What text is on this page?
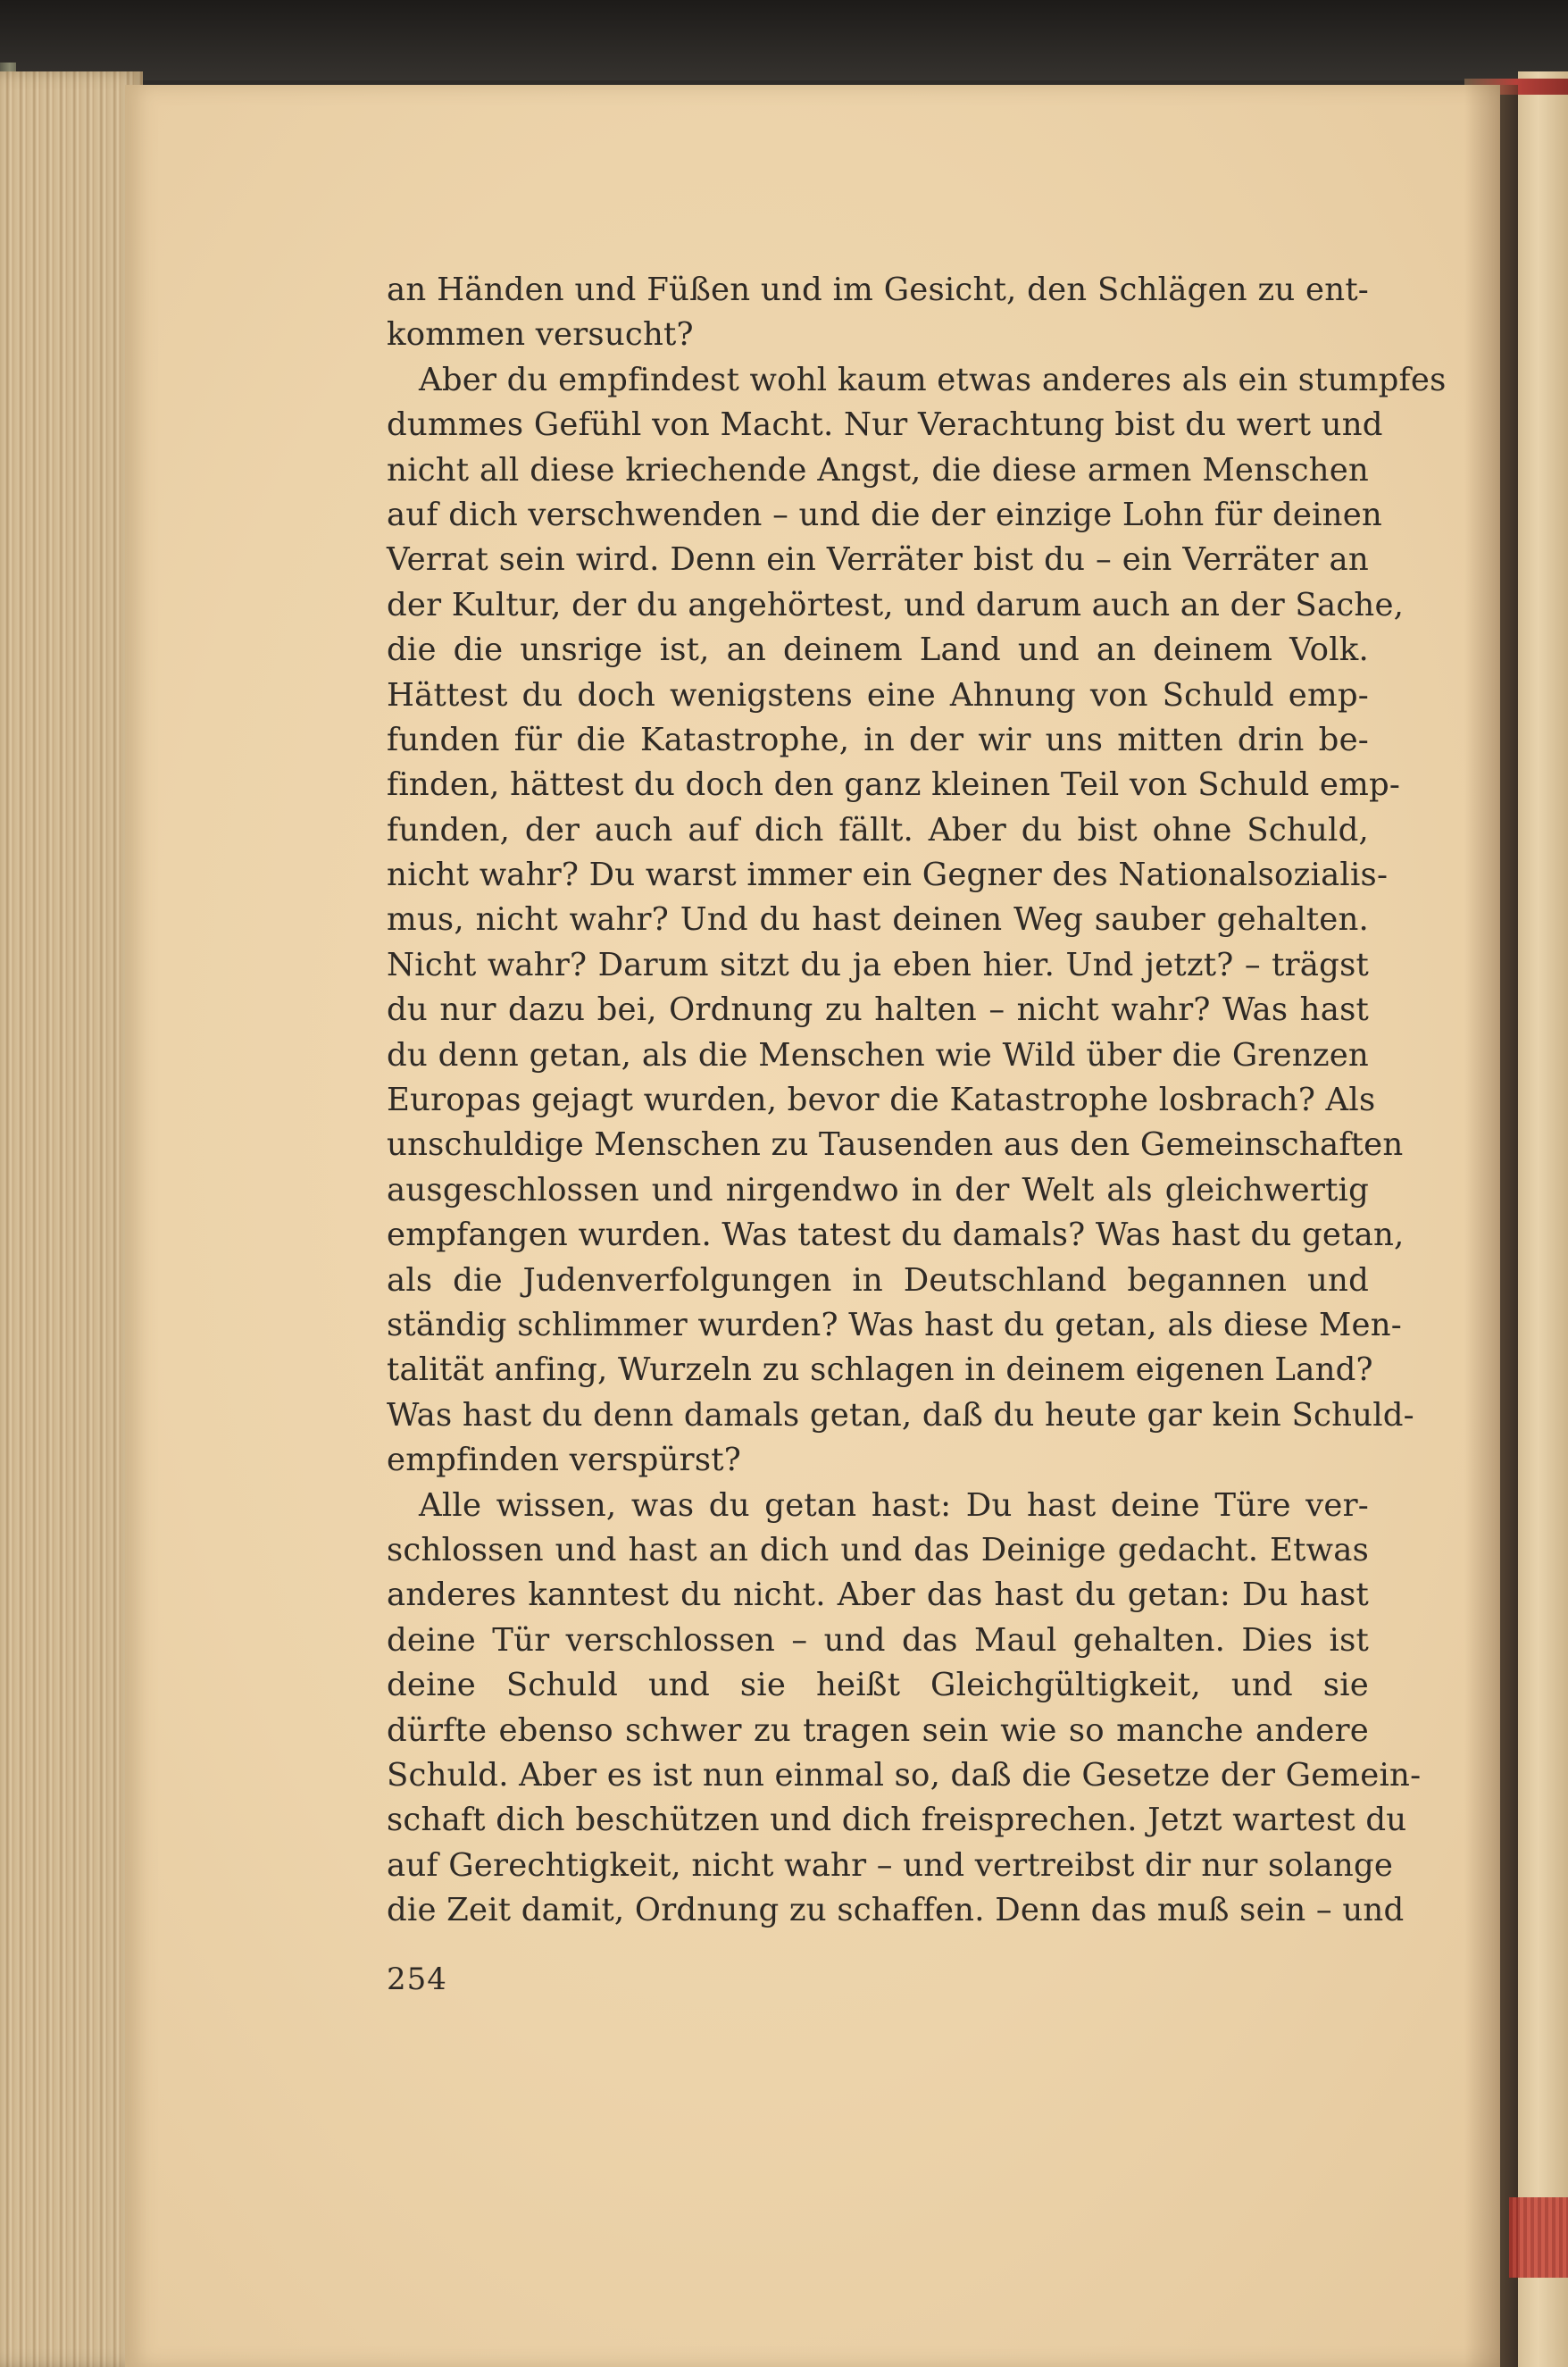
an Händen und Füßen und im Gesicht, den Schlägen zu ent-
kommen versucht?
Aber du empfindest wohl kaum etwas anderes als ein stumpfes
dummes Gefühl von Macht. Nur Verachtung bist du wert und
nicht all diese kriechende Angst, die diese armen Menschen
auf dich verschwenden – und die der einzige Lohn für deinen
Verrat sein wird. Denn ein Verräter bist du – ein Verräter an
der Kultur, der du angehörtest, und darum auch an der Sache,
die die unsrige ist, an deinem Land und an deinem Volk.
Hättest du doch wenigstens eine Ahnung von Schuld emp-
funden für die Katastrophe, in der wir uns mitten drin be-
finden, hättest du doch den ganz kleinen Teil von Schuld emp-
funden, der auch auf dich fällt. Aber du bist ohne Schuld,
nicht wahr? Du warst immer ein Gegner des Nationalsozialis-
mus, nicht wahr? Und du hast deinen Weg sauber gehalten.
Nicht wahr? Darum sitzt du ja eben hier. Und jetzt? – trägst
du nur dazu bei, Ordnung zu halten – nicht wahr? Was hast
du denn getan, als die Menschen wie Wild über die Grenzen
Europas gejagt wurden, bevor die Katastrophe losbrach? Als
unschuldige Menschen zu Tausenden aus den Gemeinschaften
ausgeschlossen und nirgendwo in der Welt als gleichwertig
empfangen wurden. Was tatest du damals? Was hast du getan,
als die Judenverfolgungen in Deutschland begannen und
ständig schlimmer wurden? Was hast du getan, als diese Men-
talität anfing, Wurzeln zu schlagen in deinem eigenen Land?
Was hast du denn damals getan, daß du heute gar kein Schuld-
empfinden verspürst?
Alle wissen, was du getan hast: Du hast deine Türe ver-
schlossen und hast an dich und das Deinige gedacht. Etwas
anderes kanntest du nicht. Aber das hast du getan: Du hast
deine Tür verschlossen – und das Maul gehalten. Dies ist
deine Schuld und sie heißt Gleichgültigkeit, und sie
dürfte ebenso schwer zu tragen sein wie so manche andere
Schuld. Aber es ist nun einmal so, daß die Gesetze der Gemein-
schaft dich beschützen und dich freisprechen. Jetzt wartest du
auf Gerechtigkeit, nicht wahr – und vertreibst dir nur solange
die Zeit damit, Ordnung zu schaffen. Denn das muß sein – und
254
